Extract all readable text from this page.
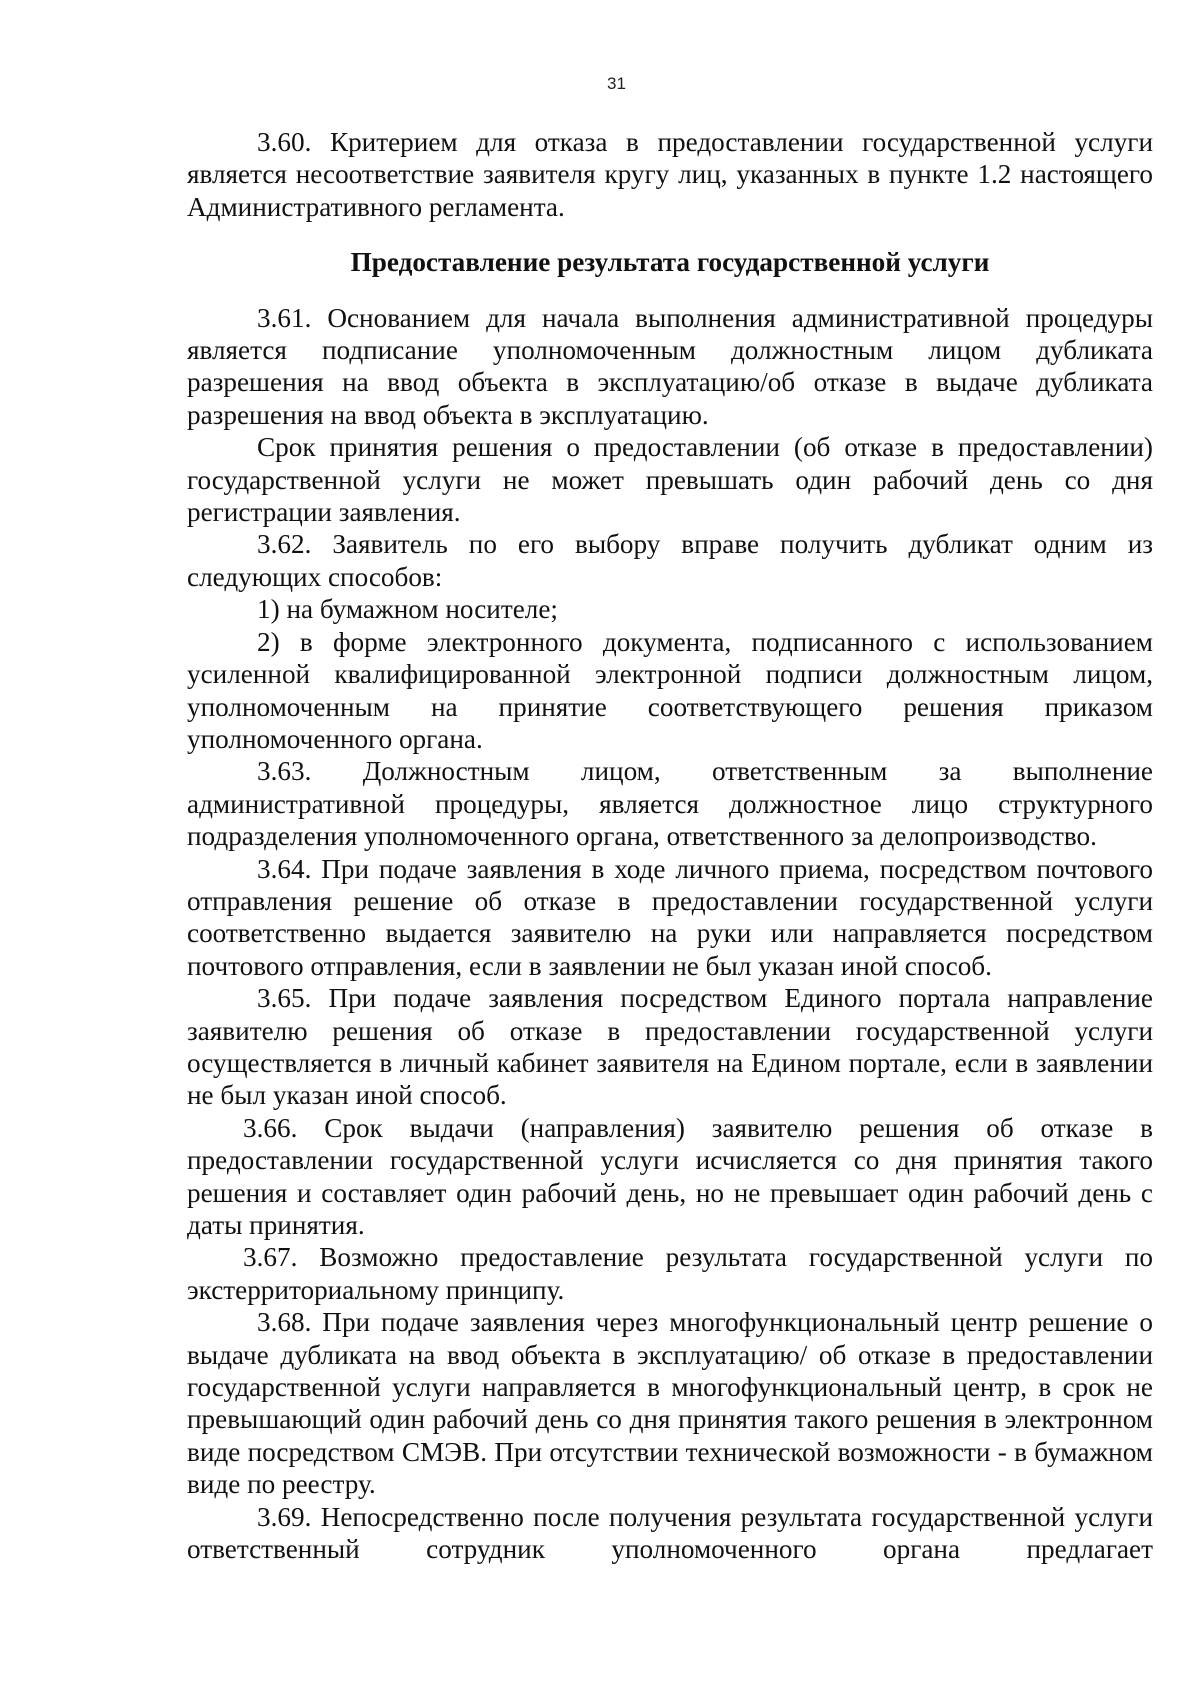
31

3.60. Критерием для отказа в предоставлении государственной услуги является несоответствие заявителя кругу лиц, указанных в пункте 1.2 настоящего Административного регламента.

Предоставление результата государственной услуги

3.61. Основанием для начала выполнения административной процедуры является подписание уполномоченным должностным лицом дубликата разрешения на ввод объекта в эксплуатацию/об отказе в выдаче дубликата разрешения на ввод объекта в эксплуатацию.

Срок принятия решения о предоставлении (об отказе в предоставлении) государственной услуги не может превышать один рабочий день со дня регистрации заявления.

3.62. Заявитель по его выбору вправе получить дубликат одним из следующих способов:

1) на бумажном носителе;

2) в форме электронного документа, подписанного с использованием усиленной квалифицированной электронной подписи должностным лицом, уполномоченным на принятие соответствующего решения приказом уполномоченного органа.

3.63. Должностным лицом, ответственным за выполнение административной процедуры, является должностное лицо структурного подразделения уполномоченного органа, ответственного за делопроизводство.

3.64. При подаче заявления в ходе личного приема, посредством почтового отправления решение об отказе в предоставлении государственной услуги соответственно выдается заявителю на руки или направляется посредством почтового отправления, если в заявлении не был указан иной способ.

3.65. При подаче заявления посредством Единого портала направление заявителю решения об отказе в предоставлении государственной услуги осуществляется в личный кабинет заявителя на Едином портале, если в заявлении не был указан иной способ.

3.66. Срок выдачи (направления) заявителю решения об отказе в предоставлении государственной услуги исчисляется со дня принятия такого решения и составляет один рабочий день, но не превышает один рабочий день с даты принятия.

3.67. Возможно предоставление результата государственной услуги по экстерриториальному принципу.

3.68. При подаче заявления через многофункциональный центр решение о выдаче дубликата на ввод объекта в эксплуатацию/ об отказе в предоставлении государственной услуги направляется в многофункциональный центр, в срок не превышающий один рабочий день со дня принятия такого решения в электронном виде посредством СМЭВ. При отсутствии технической возможности - в бумажном виде по реестру.

3.69. Непосредственно после получения результата государственной услуги ответственный сотрудник уполномоченного органа предлагает
